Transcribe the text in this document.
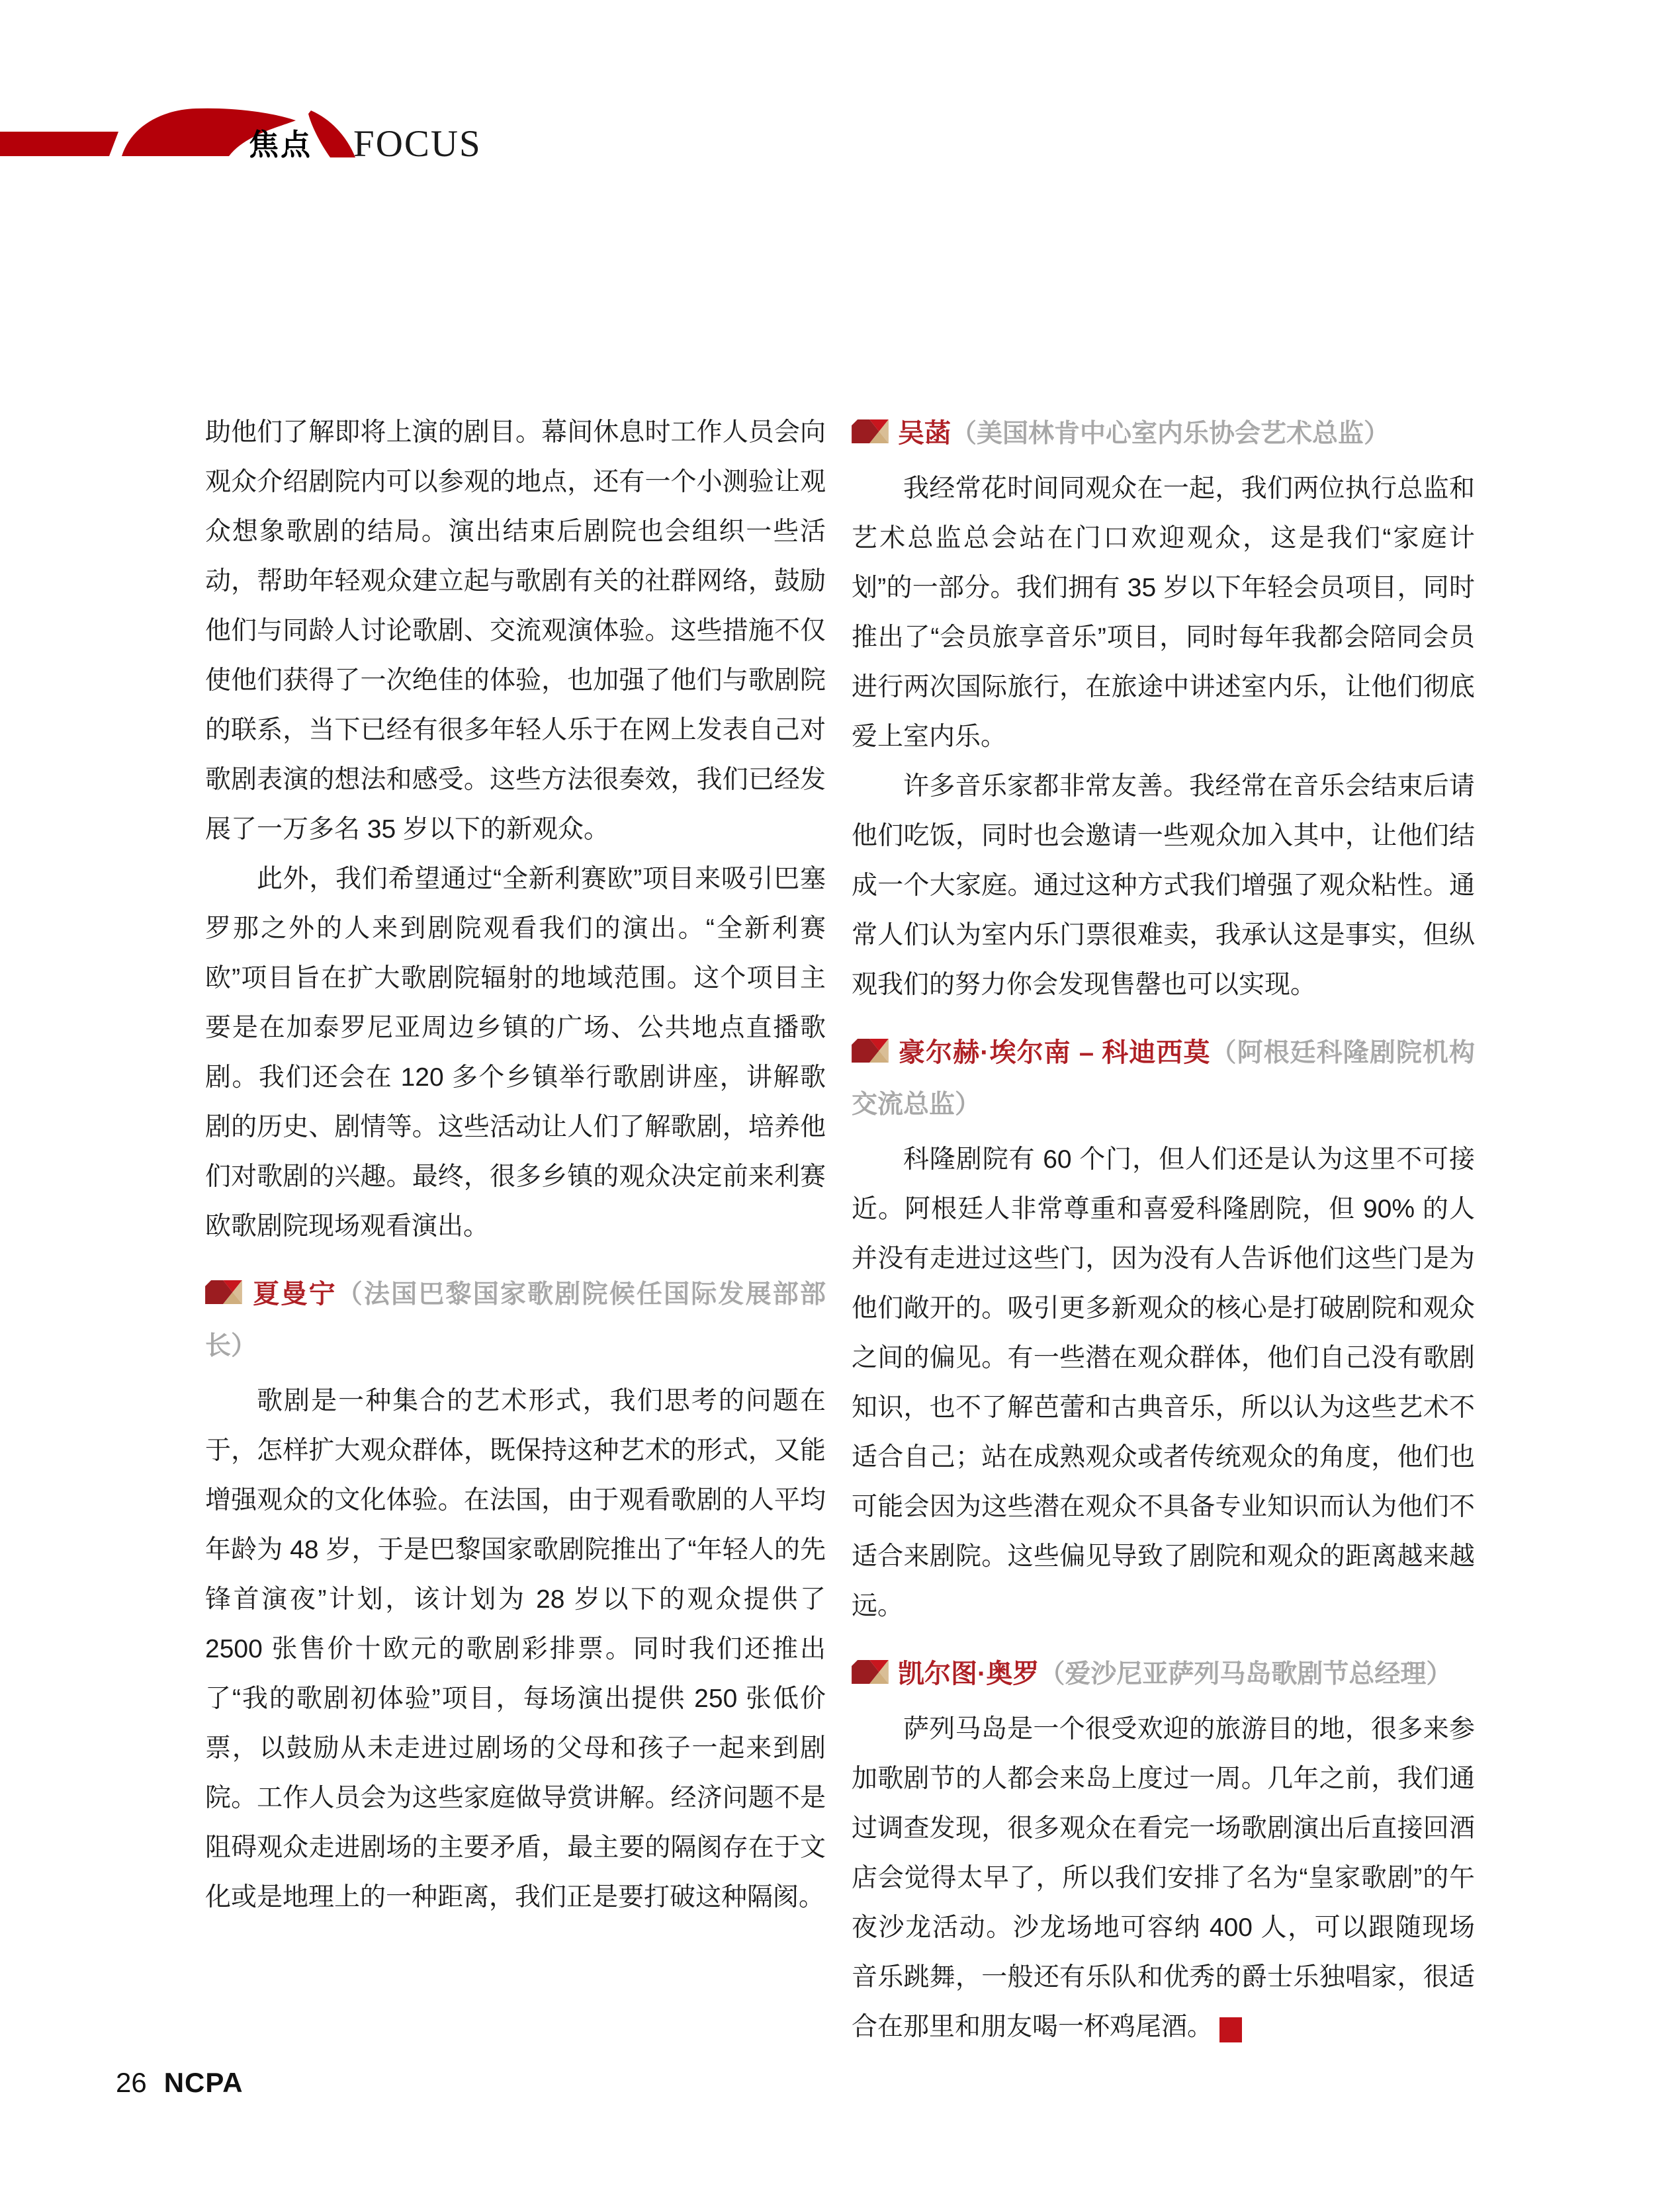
焦点 FOCUS

助他们了解即将上演的剧目。幕间休息时工作人员会向观众介绍剧院内可以参观的地点，还有一个小测验让观众想象歌剧的结局。演出结束后剧院也会组织一些活动，帮助年轻观众建立起与歌剧有关的社群网络，鼓励他们与同龄人讨论歌剧、交流观演体验。这些措施不仅使他们获得了一次绝佳的体验，也加强了他们与歌剧院的联系，当下已经有很多年轻人乐于在网上发表自己对歌剧表演的想法和感受。这些方法很奏效，我们已经发展了一万多名 35 岁以下的新观众。

此外，我们希望通过“全新利赛欧”项目来吸引巴塞罗那之外的人来到剧院观看我们的演出。“全新利赛欧”项目旨在扩大歌剧院辐射的地域范围。这个项目主要是在加泰罗尼亚周边乡镇的广场、公共地点直播歌剧。我们还会在 120 多个乡镇举行歌剧讲座，讲解歌剧的历史、剧情等。这些活动让人们了解歌剧，培养他们对歌剧的兴趣。最终，很多乡镇的观众决定前来利赛欧歌剧院现场观看演出。

夏曼宁（法国巴黎国家歌剧院候任国际发展部部长）

歌剧是一种集合的艺术形式，我们思考的问题在于，怎样扩大观众群体，既保持这种艺术的形式，又能增强观众的文化体验。在法国，由于观看歌剧的人平均年龄为 48 岁，于是巴黎国家歌剧院推出了“年轻人的先锋首演夜”计划，该计划为 28 岁以下的观众提供了 2500 张售价十欧元的歌剧彩排票。同时我们还推出了“我的歌剧初体验”项目，每场演出提供 250 张低价票，以鼓励从未走进过剧场的父母和孩子一起来到剧院。工作人员会为这些家庭做导赏讲解。经济问题不是阻碍观众走进剧场的主要矛盾，最主要的隔阂存在于文化或是地理上的一种距离，我们正是要打破这种隔阂。

吴菡（美国林肯中心室内乐协会艺术总监）

我经常花时间同观众在一起，我们两位执行总监和艺术总监总会站在门口欢迎观众，这是我们“家庭计划”的一部分。我们拥有 35 岁以下年轻会员项目，同时推出了“会员旅享音乐”项目，同时每年我都会陪同会员进行两次国际旅行，在旅途中讲述室内乐，让他们彻底爱上室内乐。

许多音乐家都非常友善。我经常在音乐会结束后请他们吃饭，同时也会邀请一些观众加入其中，让他们结成一个大家庭。通过这种方式我们增强了观众粘性。通常人们认为室内乐门票很难卖，我承认这是事实，但纵观我们的努力你会发现售罄也可以实现。

豪尔赫·埃尔南 – 科迪西莫（阿根廷科隆剧院机构交流总监）

科隆剧院有 60 个门，但人们还是认为这里不可接近。阿根廷人非常尊重和喜爱科隆剧院，但 90% 的人并没有走进过这些门，因为没有人告诉他们这些门是为他们敞开的。吸引更多新观众的核心是打破剧院和观众之间的偏见。有一些潜在观众群体，他们自己没有歌剧知识，也不了解芭蕾和古典音乐，所以认为这些艺术不适合自己；站在成熟观众或者传统观众的角度，他们也可能会因为这些潜在观众不具备专业知识而认为他们不适合来剧院。这些偏见导致了剧院和观众的距离越来越远。

凯尔图·奥罗（爱沙尼亚萨列马岛歌剧节总经理）

萨列马岛是一个很受欢迎的旅游目的地，很多来参加歌剧节的人都会来岛上度过一周。几年之前，我们通过调查发现，很多观众在看完一场歌剧演出后直接回酒店会觉得太早了，所以我们安排了名为“皇家歌剧”的午夜沙龙活动。沙龙场地可容纳 400 人，可以跟随现场音乐跳舞，一般还有乐队和优秀的爵士乐独唱家，很适合在那里和朋友喝一杯鸡尾酒。	NC
PA

26 NCPA
